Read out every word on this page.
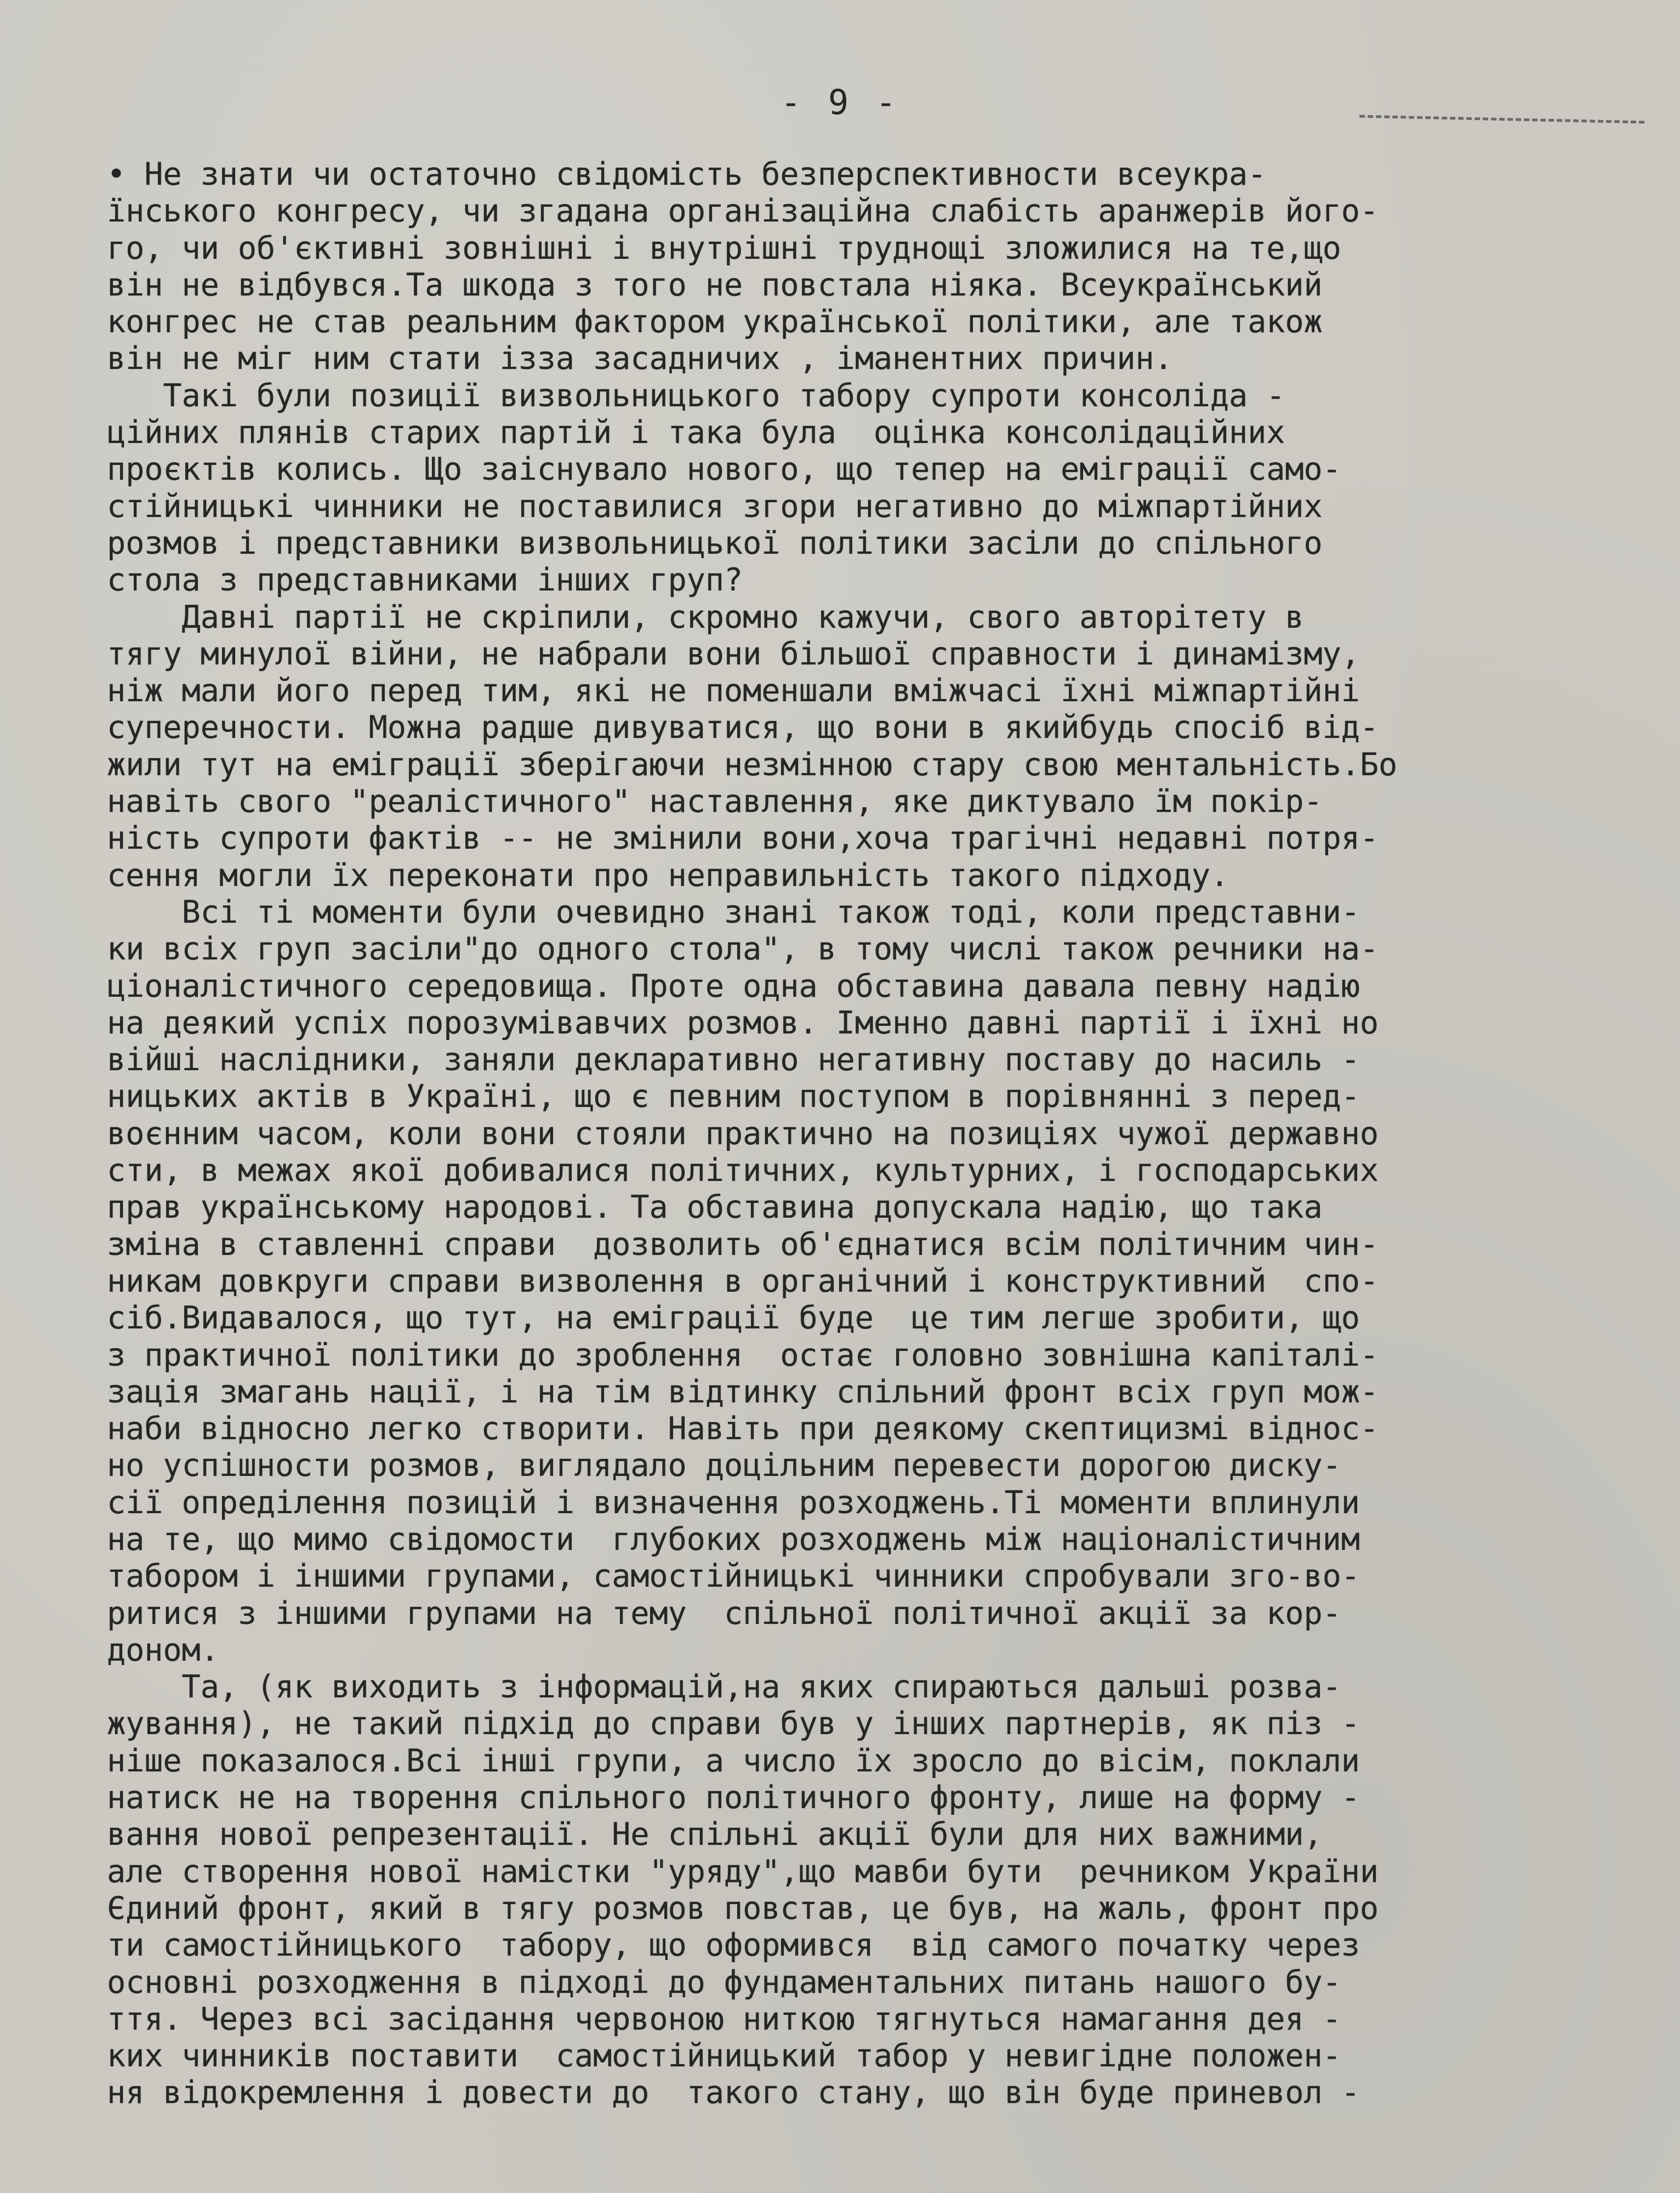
- 9 -
• Не знати чи остаточно свідомість безперспективности всеукра-
їнського конгресу, чи згадана організаційна слабість аранжерів його-
го, чи об'єктивні зовнішні і внутрішні труднощі зложилися на те,що
він не відбувся.Та шкода з того не повстала ніяка. Всеукраїнський
конгрес не став реальним фактором української політики, але також
він не міг ним стати ізза засадничих , іманентних причин.
Такі були позиції визвольницького табору супроти консоліда -
ційних плянів старих партій і така була  оцінка консолідаційних
проєктів колись. Що заіснувало нового, що тепер на еміграції само-
стійницькі чинники не поставилися згори негативно до міжпартійних
розмов і представники визвольницької політики засіли до спільного
стола з представниками інших груп?
Давні партії не скріпили, скромно кажучи, свого авторітету в
тягу минулої війни, не набрали вони більшої справности і динамізму,
ніж мали його перед тим, які не поменшали вміжчасі їхні міжпартійні
суперечности. Можна радше дивуватися, що вони в якийбудь спосіб від-
жили тут на еміграції зберігаючи незмінною стару свою ментальність.Бо
навіть свого "реалістичного" наставлення, яке диктувало їм покір-
ність супроти фактів -- не змінили вони,хоча трагічні недавні потря-
сення могли їх переконати про неправильність такого підходу.
Всі ті моменти були очевидно знані також тоді, коли представни-
ки всіх груп засіли"до одного стола", в тому числі також речники на-
ціоналістичного середовища. Проте одна обставина давала певну надію
на деякий успіх порозумівавчих розмов. Іменно давні партії і їхні но
війші наслідники, заняли декларативно негативну поставу до насиль -
ницьких актів в Україні, що є певним поступом в порівнянні з перед-
воєнним часом, коли вони стояли практично на позиціях чужої державно
сти, в межах якої добивалися політичних, культурних, і господарських
прав українському народові. Та обставина допускала надію, що така
зміна в ставленні справи  дозволить об'єднатися всім політичним чин-
никам довкруги справи визволення в органічний і конструктивний  спо-
сіб.Видавалося, що тут, на еміграції буде  це тим легше зробити, що
з практичної політики до зроблення  остає головно зовнішна капіталі-
зація змагань нації, і на тім відтинку спільний фронт всіх груп мож-
наби відносно легко створити. Навіть при деякому скептицизмі віднос-
но успішности розмов, виглядало доцільним перевести дорогою диску-
сії опреділення позицій і визначення розходжень.Ті моменти вплинули
на те, що мимо свідомости  глубоких розходжень між націоналістичним
табором і іншими групами, самостійницькі чинники спробували зго-во-
ритися з іншими групами на тему  спільної політичної акції за кор-
доном.
Та, (як виходить з інформацій,на яких спираються дальші розва-
жування), не такий підхід до справи був у інших партнерів, як піз -
ніше показалося.Всі інші групи, а число їх зросло до вісім, поклали
натиск не на творення спільного політичного фронту, лише на форму -
вання нової репрезентації. Не спільні акції були для них важними,
але створення нової намістки "уряду",що мавби бути  речником України
Єдиний фронт, який в тягу розмов повстав, це був, на жаль, фронт про
ти самостійницького  табору, що оформився  від самого початку через
основні розходження в підході до фундаментальних питань нашого бу-
ття. Через всі засідання червоною ниткою тягнуться намагання дея -
ких чинників поставити  самостійницький табор у невигідне положен-
ня відокремлення і довести до  такого стану, що він буде приневол -
